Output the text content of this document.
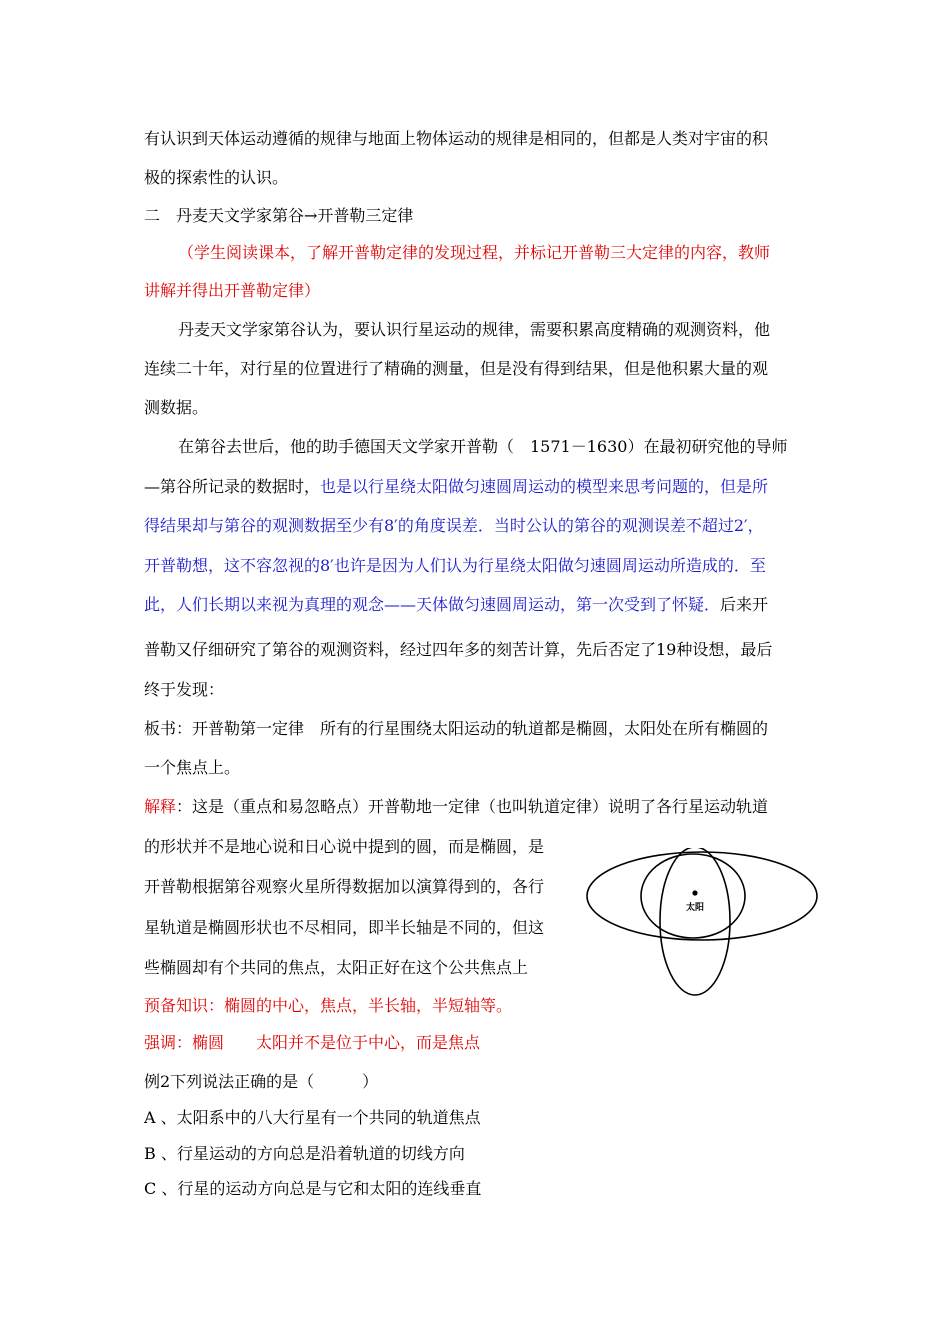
有认识到天体运动遵循的规律与地面上物体运动的规律是相同的，但都是人类对宇宙的积
极的探索性的认识。
二　丹麦天文学家第谷→开普勒三定律
（学生阅读课本，了解开普勒定律的发现过程，并标记开普勒三大定律的内容，教师
讲解并得出开普勒定律）
丹麦天文学家第谷认为，要认识行星运动的规律，需要积累高度精确的观测资料，他
连续二十年，对行星的位置进行了精确的测量，但是没有得到结果，但是他积累大量的观
测数据。
在第谷去世后，他的助手德国天文学家开普勒（　1571－1630）在最初研究他的导师
—第谷所记录的数据时，也是以行星绕太阳做匀速圆周运动的模型来思考问题的，但是所
得结果却与第谷的观测数据至少有8′的角度误差．当时公认的第谷的观测误差不超过2′，
开普勒想，这不容忽视的8′也许是因为人们认为行星绕太阳做匀速圆周运动所造成的．至
此，人们长期以来视为真理的观念——天体做匀速圆周运动，第一次受到了怀疑．后来开
普勒又仔细研究了第谷的观测资料，经过四年多的刻苦计算，先后否定了19种设想，最后
终于发现：
板书：开普勒第一定律　所有的行星围绕太阳运动的轨道都是椭圆，太阳处在所有椭圆的
一个焦点上。
解释：这是（重点和易忽略点）开普勒地一定律（也叫轨道定律）说明了各行星运动轨道
的形状并不是地心说和日心说中提到的圆，而是椭圆，是
开普勒根据第谷观察火星所得数据加以演算得到的，各行
星轨道是椭圆形状也不尽相同，即半长轴是不同的，但这
些椭圆却有个共同的焦点，太阳正好在这个公共焦点上
预备知识：椭圆的中心，焦点，半长轴，半短轴等。
强调：椭圆　　太阳并不是位于中心，而是焦点
例2下列说法正确的是（　　　）
A 、太阳系中的八大行星有一个共同的轨道焦点
B 、行星运动的方向总是沿着轨道的切线方向
C 、行星的运动方向总是与它和太阳的连线垂直
太阳
